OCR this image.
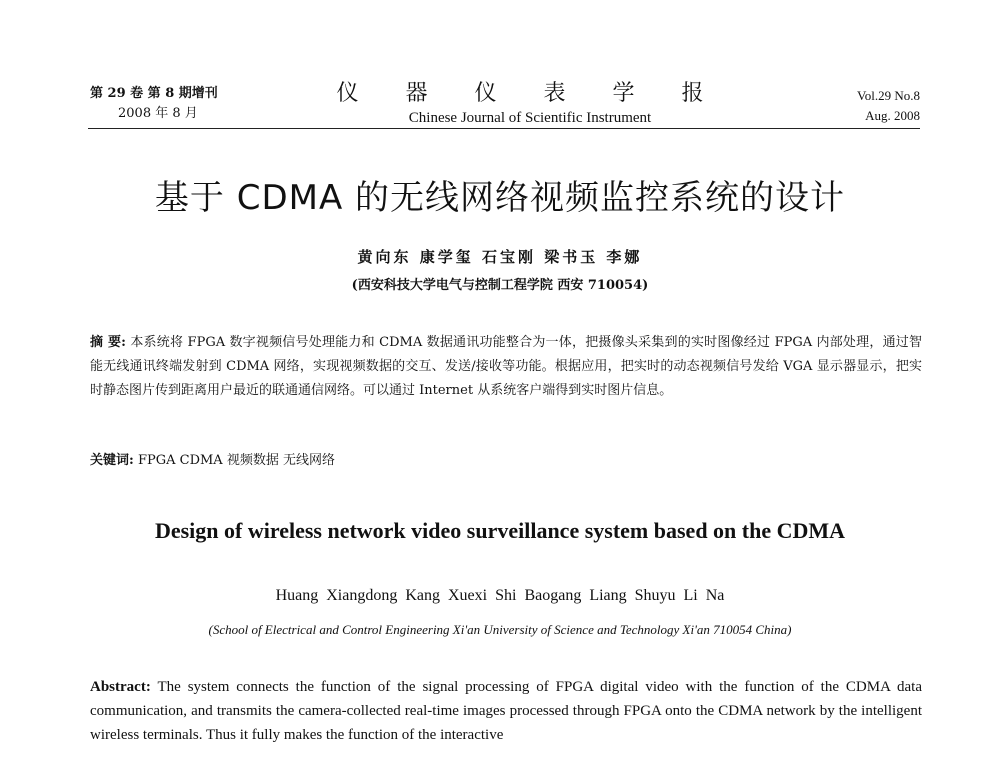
第 29 卷 第 8 期增刊
2008 年 8 月
仪 器 仪 表 学 报
Chinese Journal of Scientific Instrument
Vol.29 No.8
Aug. 2008
基于 CDMA 的无线网络视频监控系统的设计
黄向东 康学玺 石宝刚 梁书玉 李娜
(西安科技大学电气与控制工程学院 西安 710054)
摘 要: 本系统将 FPGA 数字视频信号处理能力和 CDMA 数据通讯功能整合为一体，把摄像头采集到的实时图像经过 FPGA 内部处理，通过智能无线通讯终端发射到 CDMA 网络，实现视频数据的交互、发送/接收等功能。根据应用，把实时的动态视频信号发给 VGA 显示器显示，把实时静态图片传到距离用户最近的联通通信网络。可以通过 Internet 从系统客户端得到实时图片信息。
关键词: FPGA CDMA 视频数据 无线网络
Design of wireless network video surveillance system based on the CDMA
Huang Xiangdong Kang Xuexi Shi Baogang Liang Shuyu Li Na
(School of Electrical and Control Engineering Xi'an University of Science and Technology Xi'an 710054 China)
Abstract: The system connects the function of the signal processing of FPGA digital video with the function of the CDMA data communication, and transmits the camera-collected real-time images processed through FPGA onto the CDMA network by the intelligent wireless terminals. Thus it fully makes the function of the interactive
